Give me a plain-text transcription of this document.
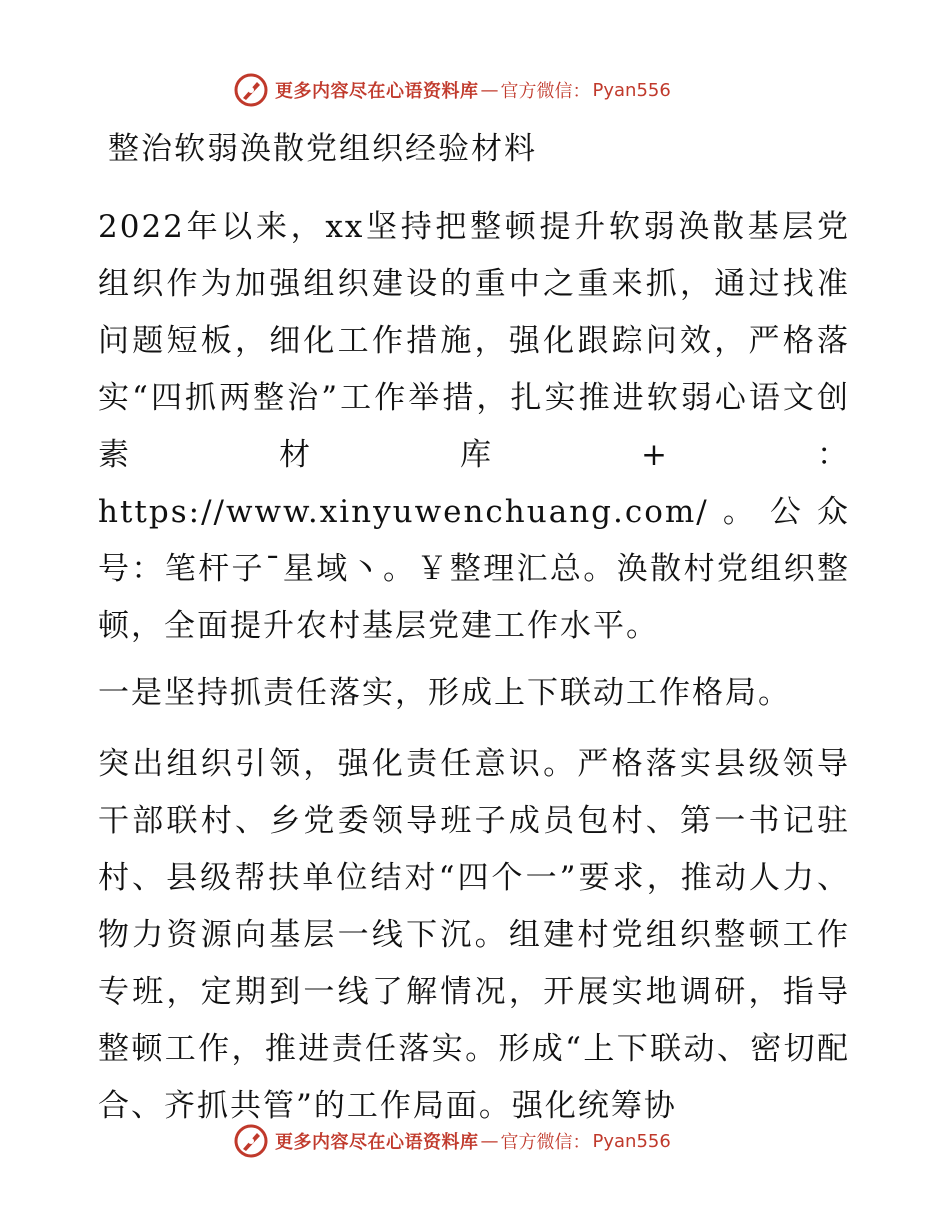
更多内容尽在心语资料库 — 官方微信： Pyan556
整治软弱涣散党组织经验材料

2022年以来，xx坚持把整顿提升软弱涣散基层党组织作为加强组织建设的重中之重来抓，通过找准问题短板，细化工作措施，强化跟踪问效，严格落实“四抓两整治”工作举措，扎实推进软弱心语文创素材库+：https://www.xinyuwenchuang.com/。公众号：笔杆子¯星域丶。￥整理汇总。涣散村党组织整顿，全面提升农村基层党建工作水平。

一是坚持抓责任落实，形成上下联动工作格局。

突出组织引领，强化责任意识。严格落实县级领导干部联村、乡党委领导班子成员包村、第一书记驻村、县级帮扶单位结对“四个一”要求，推动人力、物力资源向基层一线下沉。组建村党组织整顿工作专班，定期到一线了解情况，开展实地调研，指导整顿工作，推进责任落实。形成“上下联动、密切配合、齐抓共管”的工作局面。强化统筹协

更多内容尽在心语资料库 — 官方微信： Pyan556
